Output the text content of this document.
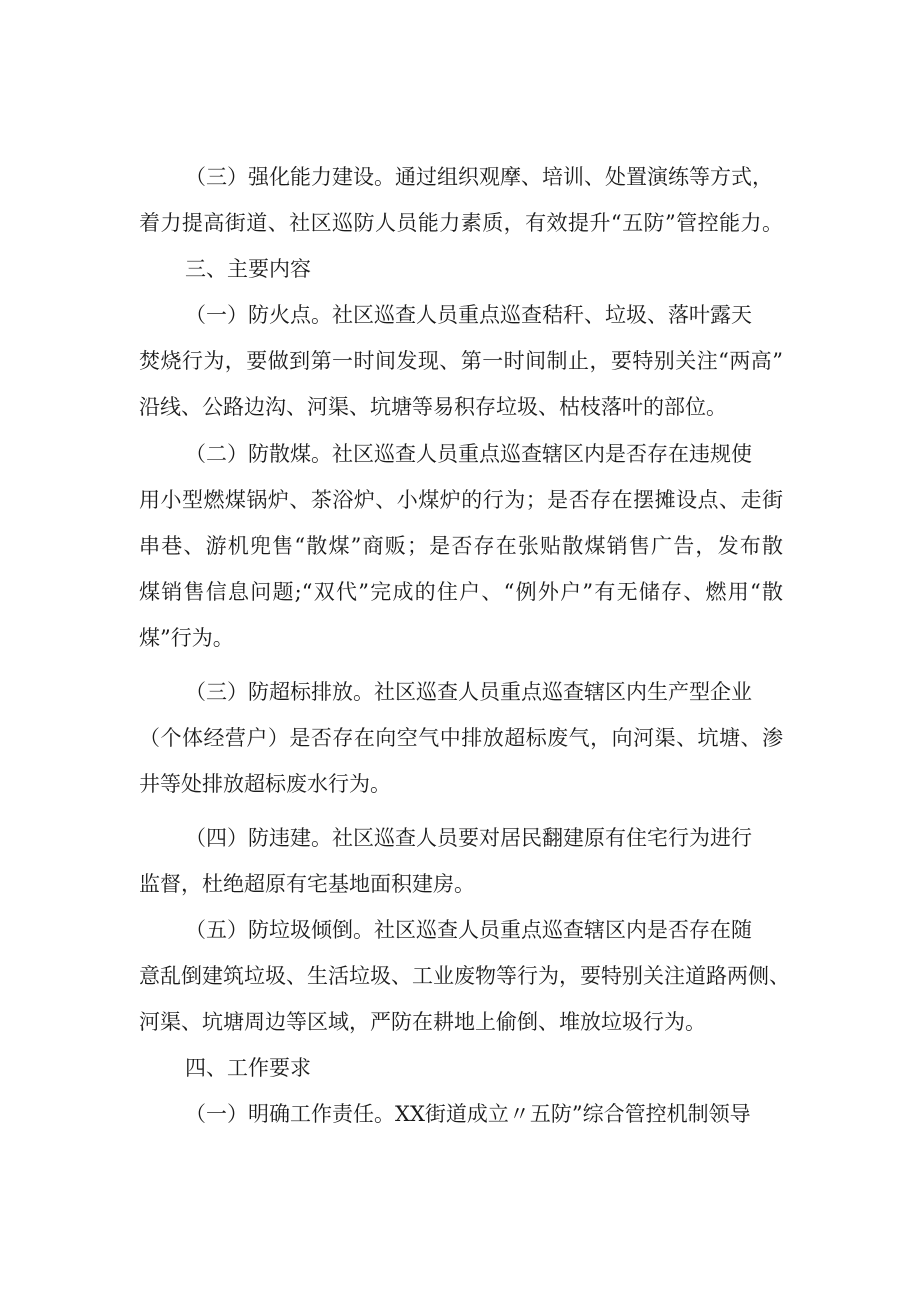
（三）强化能力建设。通过组织观摩、培训、处置演练等方式，
着力提高街道、社区巡防人员能力素质，有效提升“五防”管控能力。
三、主要内容
（一）防火点。社区巡查人员重点巡查秸秆、垃圾、落叶露天
焚烧行为，要做到第一时间发现、第一时间制止，要特别关注“两高”
沿线、公路边沟、河渠、坑塘等易积存垃圾、枯枝落叶的部位。
（二）防散煤。社区巡查人员重点巡查辖区内是否存在违规使
用小型燃煤锅炉、茶浴炉、小煤炉的行为；是否存在摆摊设点、走街
串巷、游机兜售“散煤”商贩；是否存在张贴散煤销售广告，发布散
煤销售信息问题;“双代”完成的住户、“例外户”有无储存、燃用“散
煤”行为。
（三）防超标排放。社区巡查人员重点巡查辖区内生产型企业
（个体经营户）是否存在向空气中排放超标废气，向河渠、坑塘、渗
井等处排放超标废水行为。
（四）防违建。社区巡查人员要对居民翻建原有住宅行为进行
监督，杜绝超原有宅基地面积建房。
（五）防垃圾倾倒。社区巡查人员重点巡查辖区内是否存在随
意乱倒建筑垃圾、生活垃圾、工业废物等行为，要特别关注道路两侧、
河渠、坑塘周边等区域，严防在耕地上偷倒、堆放垃圾行为。
四、工作要求
（一）明确工作责任。XX街道成立〃五防”综合管控机制领导
